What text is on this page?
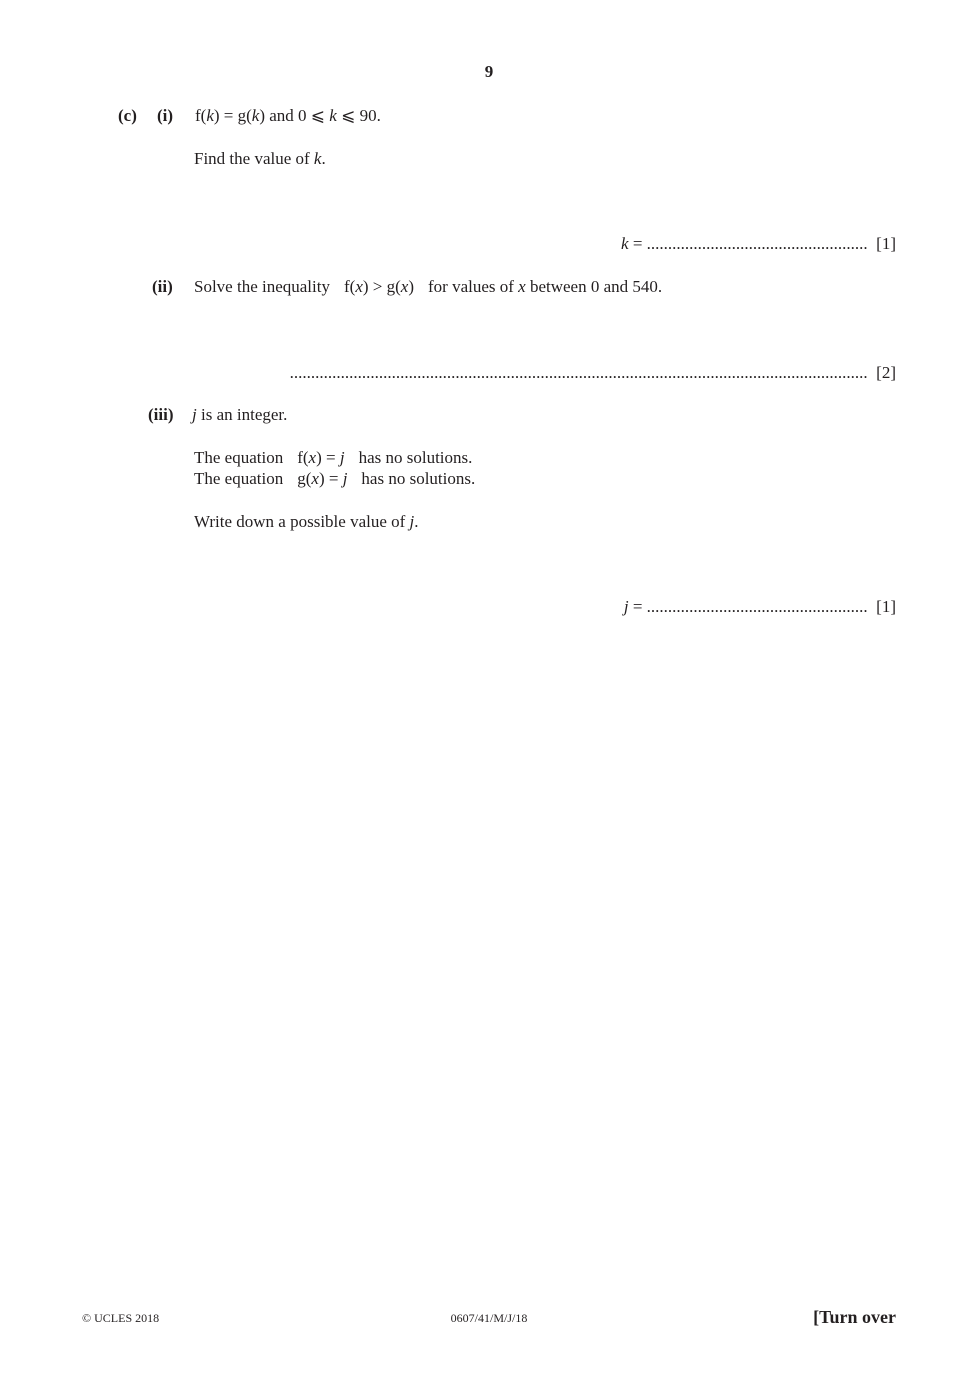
9
(c) (i) f(k) = g(k) and 0 ⩽ k ⩽ 90.
Find the value of k.
k = .................................................... [1]
(ii) Solve the inequality f(x) > g(x) for values of x between 0 and 540.
........................................................................................................................................ [2]
(iii) j is an integer.
The equation f(x) = j has no solutions.
The equation g(x) = j has no solutions.
Write down a possible value of j.
j = .................................................... [1]
© UCLES 2018	0607/41/M/J/18	[Turn over
